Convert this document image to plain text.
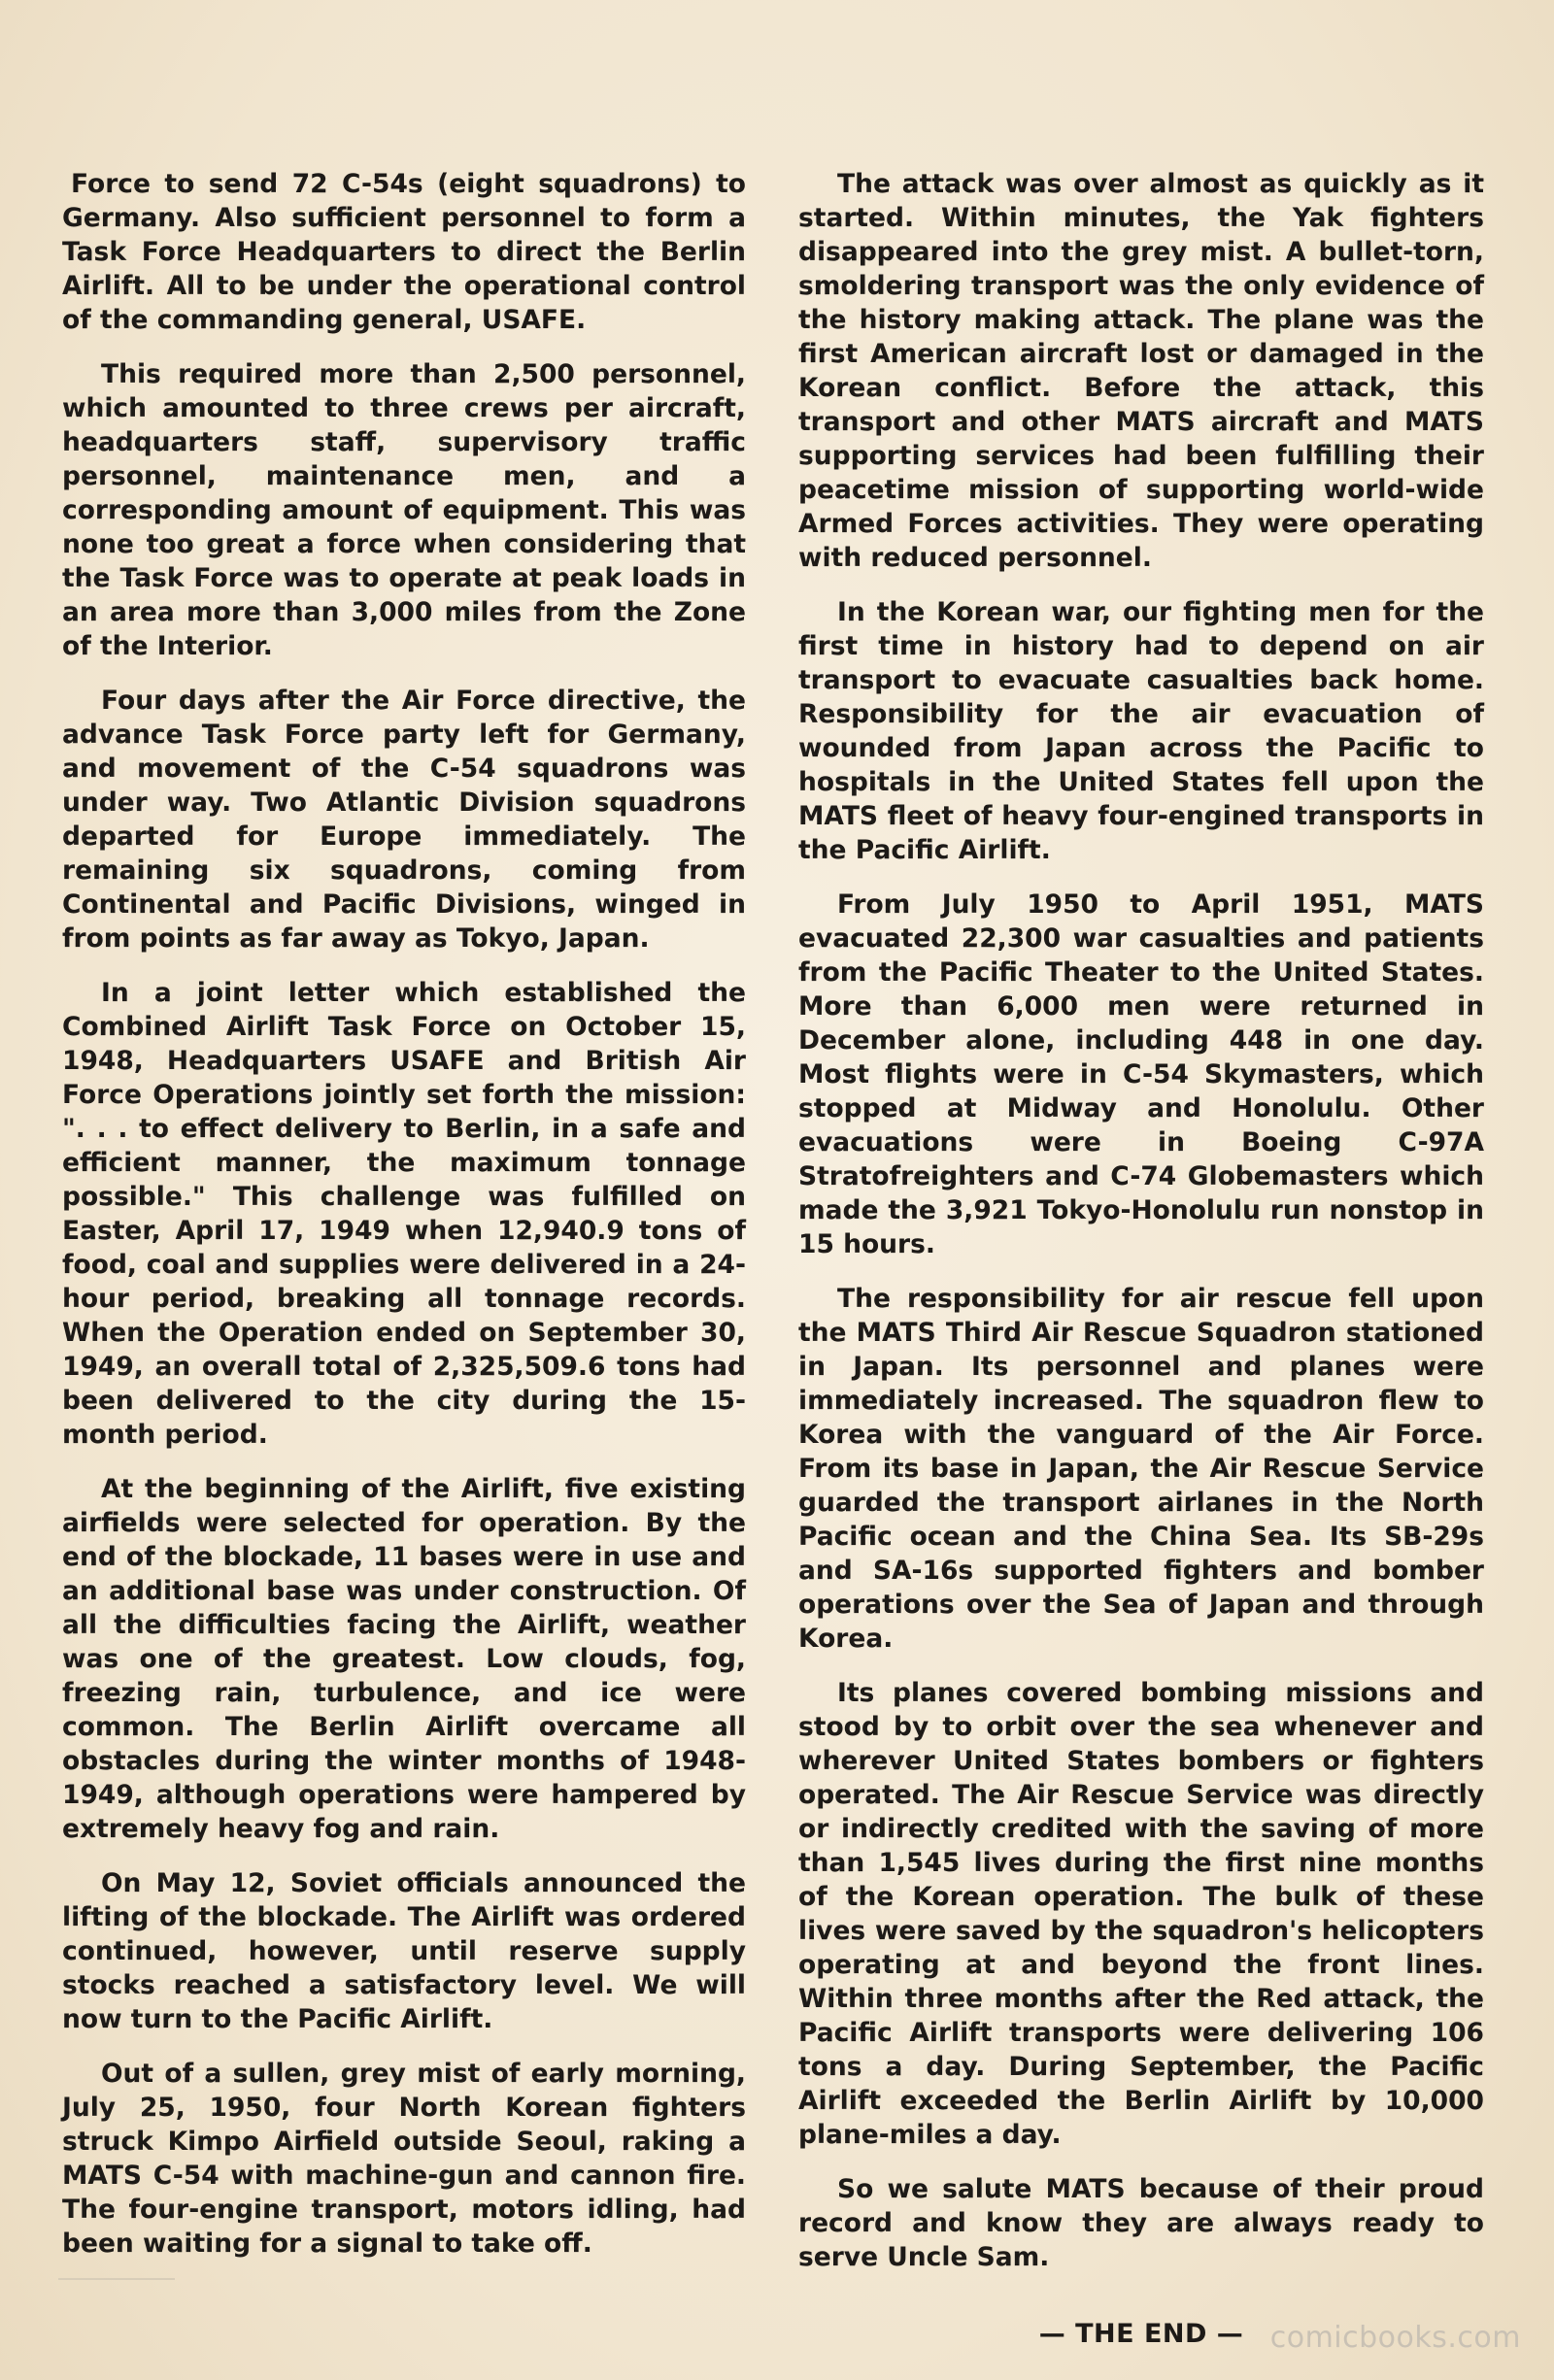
Force to send 72 C-54s (eight squadrons) to Germany. Also sufficient personnel to form a Task Force Headquarters to direct the Berlin Airlift. All to be under the operational control of the commanding general, USAFE.

This required more than 2,500 personnel, which amounted to three crews per aircraft, headquarters staff, supervisory traffic personnel, maintenance men, and a corresponding amount of equipment. This was none too great a force when considering that the Task Force was to operate at peak loads in an area more than 3,000 miles from the Zone of the Interior.

Four days after the Air Force directive, the advance Task Force party left for Germany, and movement of the C-54 squadrons was under way. Two Atlantic Division squadrons departed for Europe immediately. The remaining six squadrons, coming from Continental and Pacific Divisions, winged in from points as far away as Tokyo, Japan.

In a joint letter which established the Combined Airlift Task Force on October 15, 1948, Headquarters USAFE and British Air Force Operations jointly set forth the mission: ". . . to effect delivery to Berlin, in a safe and efficient manner, the maximum tonnage possible." This challenge was fulfilled on Easter, April 17, 1949 when 12,940.9 tons of food, coal and supplies were delivered in a 24-hour period, breaking all tonnage records. When the Operation ended on September 30, 1949, an overall total of 2,325,509.6 tons had been delivered to the city during the 15-month period.

At the beginning of the Airlift, five existing airfields were selected for operation. By the end of the blockade, 11 bases were in use and an additional base was under construction. Of all the difficulties facing the Airlift, weather was one of the greatest. Low clouds, fog, freezing rain, turbulence, and ice were common. The Berlin Airlift overcame all obstacles during the winter months of 1948-1949, although operations were hampered by extremely heavy fog and rain.

On May 12, Soviet officials announced the lifting of the blockade. The Airlift was ordered continued, however, until reserve supply stocks reached a satisfactory level. We will now turn to the Pacific Airlift.

Out of a sullen, grey mist of early morning, July 25, 1950, four North Korean fighters struck Kimpo Airfield outside Seoul, raking a MATS C-54 with machine-gun and cannon fire. The four-engine transport, motors idling, had been waiting for a signal to take off.

The attack was over almost as quickly as it started. Within minutes, the Yak fighters disappeared into the grey mist. A bullet-torn, smoldering transport was the only evidence of the history making attack. The plane was the first American aircraft lost or damaged in the Korean conflict. Before the attack, this transport and other MATS aircraft and MATS supporting services had been fulfilling their peacetime mission of supporting world-wide Armed Forces activities. They were operating with reduced personnel.

In the Korean war, our fighting men for the first time in history had to depend on air transport to evacuate casualties back home. Responsibility for the air evacuation of wounded from Japan across the Pacific to hospitals in the United States fell upon the MATS fleet of heavy four-engined transports in the Pacific Airlift.

From July 1950 to April 1951, MATS evacuated 22,300 war casualties and patients from the Pacific Theater to the United States. More than 6,000 men were returned in December alone, including 448 in one day. Most flights were in C-54 Skymasters, which stopped at Midway and Honolulu. Other evacuations were in Boeing C-97A Stratofreighters and C-74 Globemasters which made the 3,921 Tokyo-Honolulu run nonstop in 15 hours.

The responsibility for air rescue fell upon the MATS Third Air Rescue Squadron stationed in Japan. Its personnel and planes were immediately increased. The squadron flew to Korea with the vanguard of the Air Force. From its base in Japan, the Air Rescue Service guarded the transport airlanes in the North Pacific ocean and the China Sea. Its SB-29s and SA-16s supported fighters and bomber operations over the Sea of Japan and through Korea.

Its planes covered bombing missions and stood by to orbit over the sea whenever and wherever United States bombers or fighters operated. The Air Rescue Service was directly or indirectly credited with the saving of more than 1,545 lives during the first nine months of the Korean operation. The bulk of these lives were saved by the squadron's helicopters operating at and beyond the front lines. Within three months after the Red attack, the Pacific Airlift transports were delivering 106 tons a day. During September, the Pacific Airlift exceeded the Berlin Airlift by 10,000 plane-miles a day.

So we salute MATS because of their proud record and know they are always ready to serve Uncle Sam.

— THE END — comicbooks.com
